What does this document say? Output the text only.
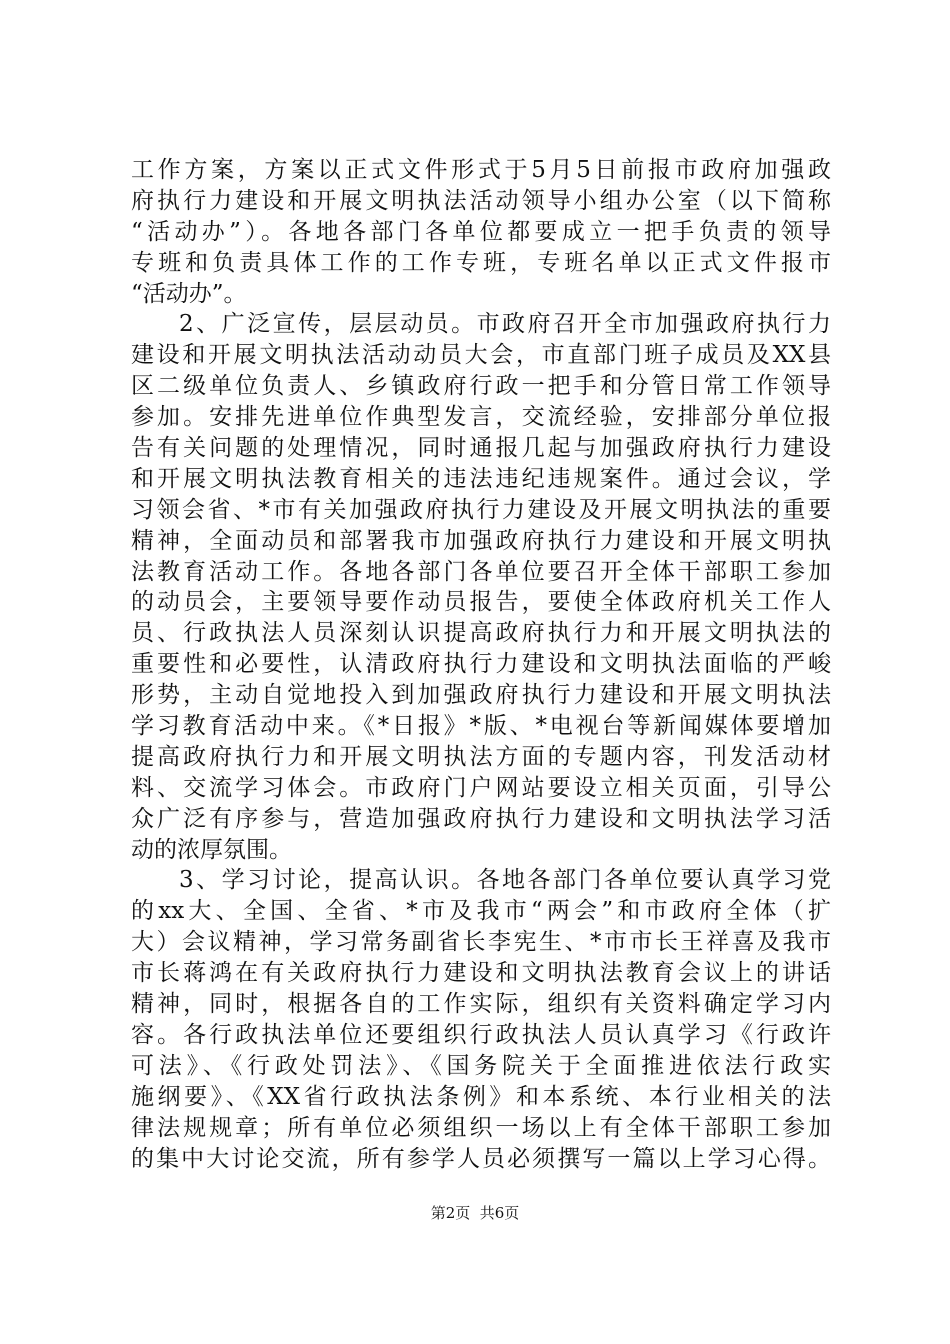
工作方案，方案以正式文件形式于5月5日前报市政府加强政
府执行力建设和开展文明执法活动领导小组办公室（以下简称
“活动办”）。各地各部门各单位都要成立一把手负责的领导
专班和负责具体工作的工作专班，专班名单以正式文件报市
“活动办”。
2、广泛宣传，层层动员。市政府召开全市加强政府执行力
建设和开展文明执法活动动员大会，市直部门班子成员及XX县
区二级单位负责人、乡镇政府行政一把手和分管日常工作领导
参加。安排先进单位作典型发言，交流经验，安排部分单位报
告有关问题的处理情况，同时通报几起与加强政府执行力建设
和开展文明执法教育相关的违法违纪违规案件。通过会议，学
习领会省、*市有关加强政府执行力建设及开展文明执法的重要
精神，全面动员和部署我市加强政府执行力建设和开展文明执
法教育活动工作。各地各部门各单位要召开全体干部职工参加
的动员会，主要领导要作动员报告，要使全体政府机关工作人
员、行政执法人员深刻认识提高政府执行力和开展文明执法的
重要性和必要性，认清政府执行力建设和文明执法面临的严峻
形势，主动自觉地投入到加强政府执行力建设和开展文明执法
学习教育活动中来。《*日报》*版、*电视台等新闻媒体要增加
提高政府执行力和开展文明执法方面的专题内容，刊发活动材
料、交流学习体会。市政府门户网站要设立相关页面，引导公
众广泛有序参与，营造加强政府执行力建设和文明执法学习活
动的浓厚氛围。
3、学习讨论，提高认识。各地各部门各单位要认真学习党
的xx大、全国、全省、*市及我市“两会”和市政府全体（扩
大）会议精神，学习常务副省长李宪生、*市市长王祥喜及我市
市长蒋鸿在有关政府执行力建设和文明执法教育会议上的讲话
精神，同时，根据各自的工作实际，组织有关资料确定学习内
容。各行政执法单位还要组织行政执法人员认真学习《行政许
可法》、《行政处罚法》、《国务院关于全面推进依法行政实
施纲要》、《XX省行政执法条例》和本系统、本行业相关的法
律法规规章；所有单位必须组织一场以上有全体干部职工参加
的集中大讨论交流，所有参学人员必须撰写一篇以上学习心得。
第2页  共6页
